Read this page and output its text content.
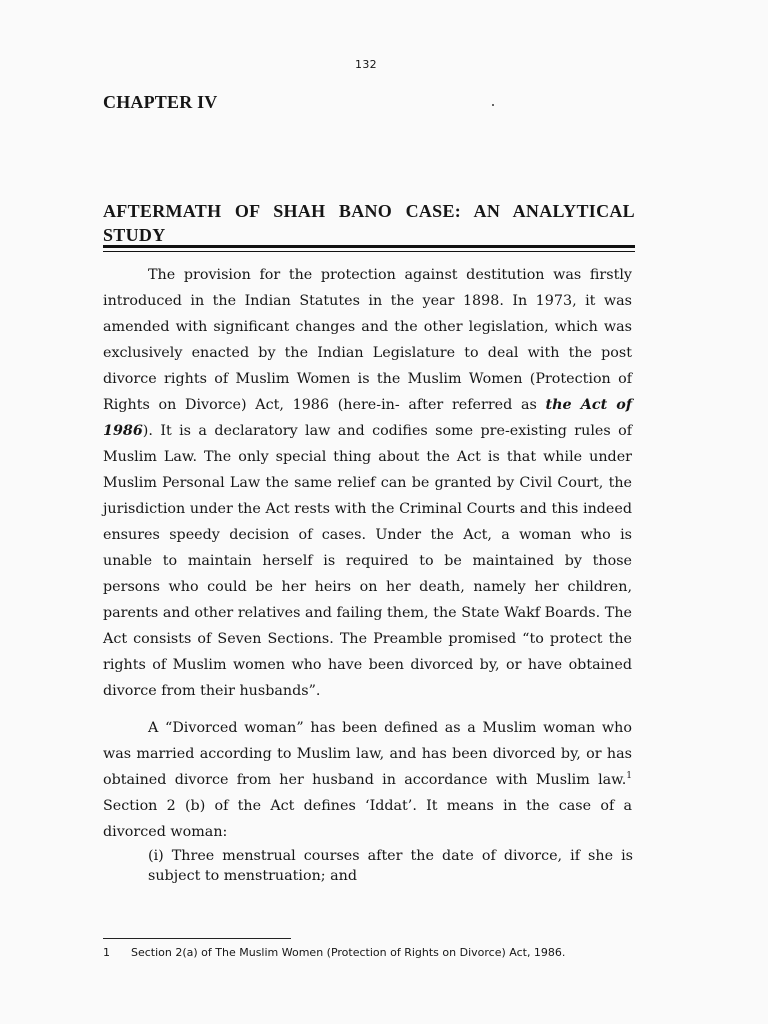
132
CHAPTER IV
AFTERMATH OF SHAH BANO CASE: AN ANALYTICAL STUDY

The provision for the protection against destitution was firstly introduced in the Indian Statutes in the year 1898. In 1973, it was amended with significant changes and the other legislation, which was exclusively enacted by the Indian Legislature to deal with the post divorce rights of Muslim Women is the Muslim Women (Protection of Rights on Divorce) Act, 1986 (here-in- after referred as the Act of 1986). It is a declaratory law and codifies some pre-existing rules of Muslim Law. The only special thing about the Act is that while under Muslim Personal Law the same relief can be granted by Civil Court, the jurisdiction under the Act rests with the Criminal Courts and this indeed ensures speedy decision of cases. Under the Act, a woman who is unable to maintain herself is required to be maintained by those persons who could be her heirs on her death, namely her children, parents and other relatives and failing them, the State Wakf Boards. The Act consists of Seven Sections. The Preamble promised “to protect the rights of Muslim women who have been divorced by, or have obtained divorce from their husbands”.

A “Divorced woman” has been defined as a Muslim woman who was married according to Muslim law, and has been divorced by, or has obtained divorce from her husband in accordance with Muslim law.$^1$ Section 2 (b) of the Act defines ‘Iddat’. It means in the case of a divorced woman:

(i) Three menstrual courses after the date of divorce, if she is subject to menstruation; and
1 Section 2(a) of The Muslim Women (Protection of Rights on Divorce) Act, 1986.
